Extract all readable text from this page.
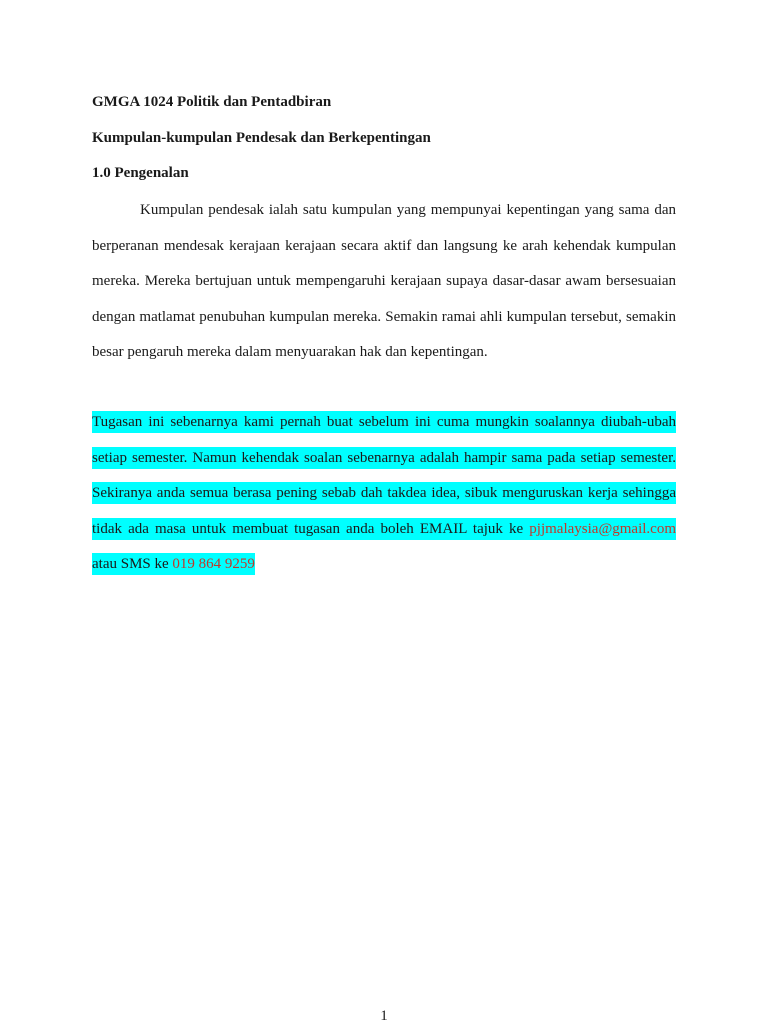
GMGA 1024 Politik dan Pentadbiran

Kumpulan-kumpulan Pendesak dan Berkepentingan

1.0 Pengenalan

Kumpulan pendesak ialah satu kumpulan yang mempunyai kepentingan yang sama dan berperanan mendesak kerajaan kerajaan secara aktif dan langsung ke arah kehendak kumpulan mereka. Mereka bertujuan untuk mempengaruhi kerajaan supaya dasar-dasar awam bersesuaian dengan matlamat penubuhan kumpulan mereka. Semakin ramai ahli kumpulan tersebut, semakin besar pengaruh mereka dalam menyuarakan hak dan kepentingan.

Tugasan ini sebenarnya kami pernah buat sebelum ini cuma mungkin soalannya diubah-ubah setiap semester. Namun kehendak soalan sebenarnya adalah hampir sama pada setiap semester. Sekiranya anda semua berasa pening sebab dah takdea idea, sibuk menguruskan kerja sehingga tidak ada masa untuk membuat tugasan anda boleh EMAIL tajuk ke pjjmalaysia@gmail.com atau SMS ke 019 864 9259

1
